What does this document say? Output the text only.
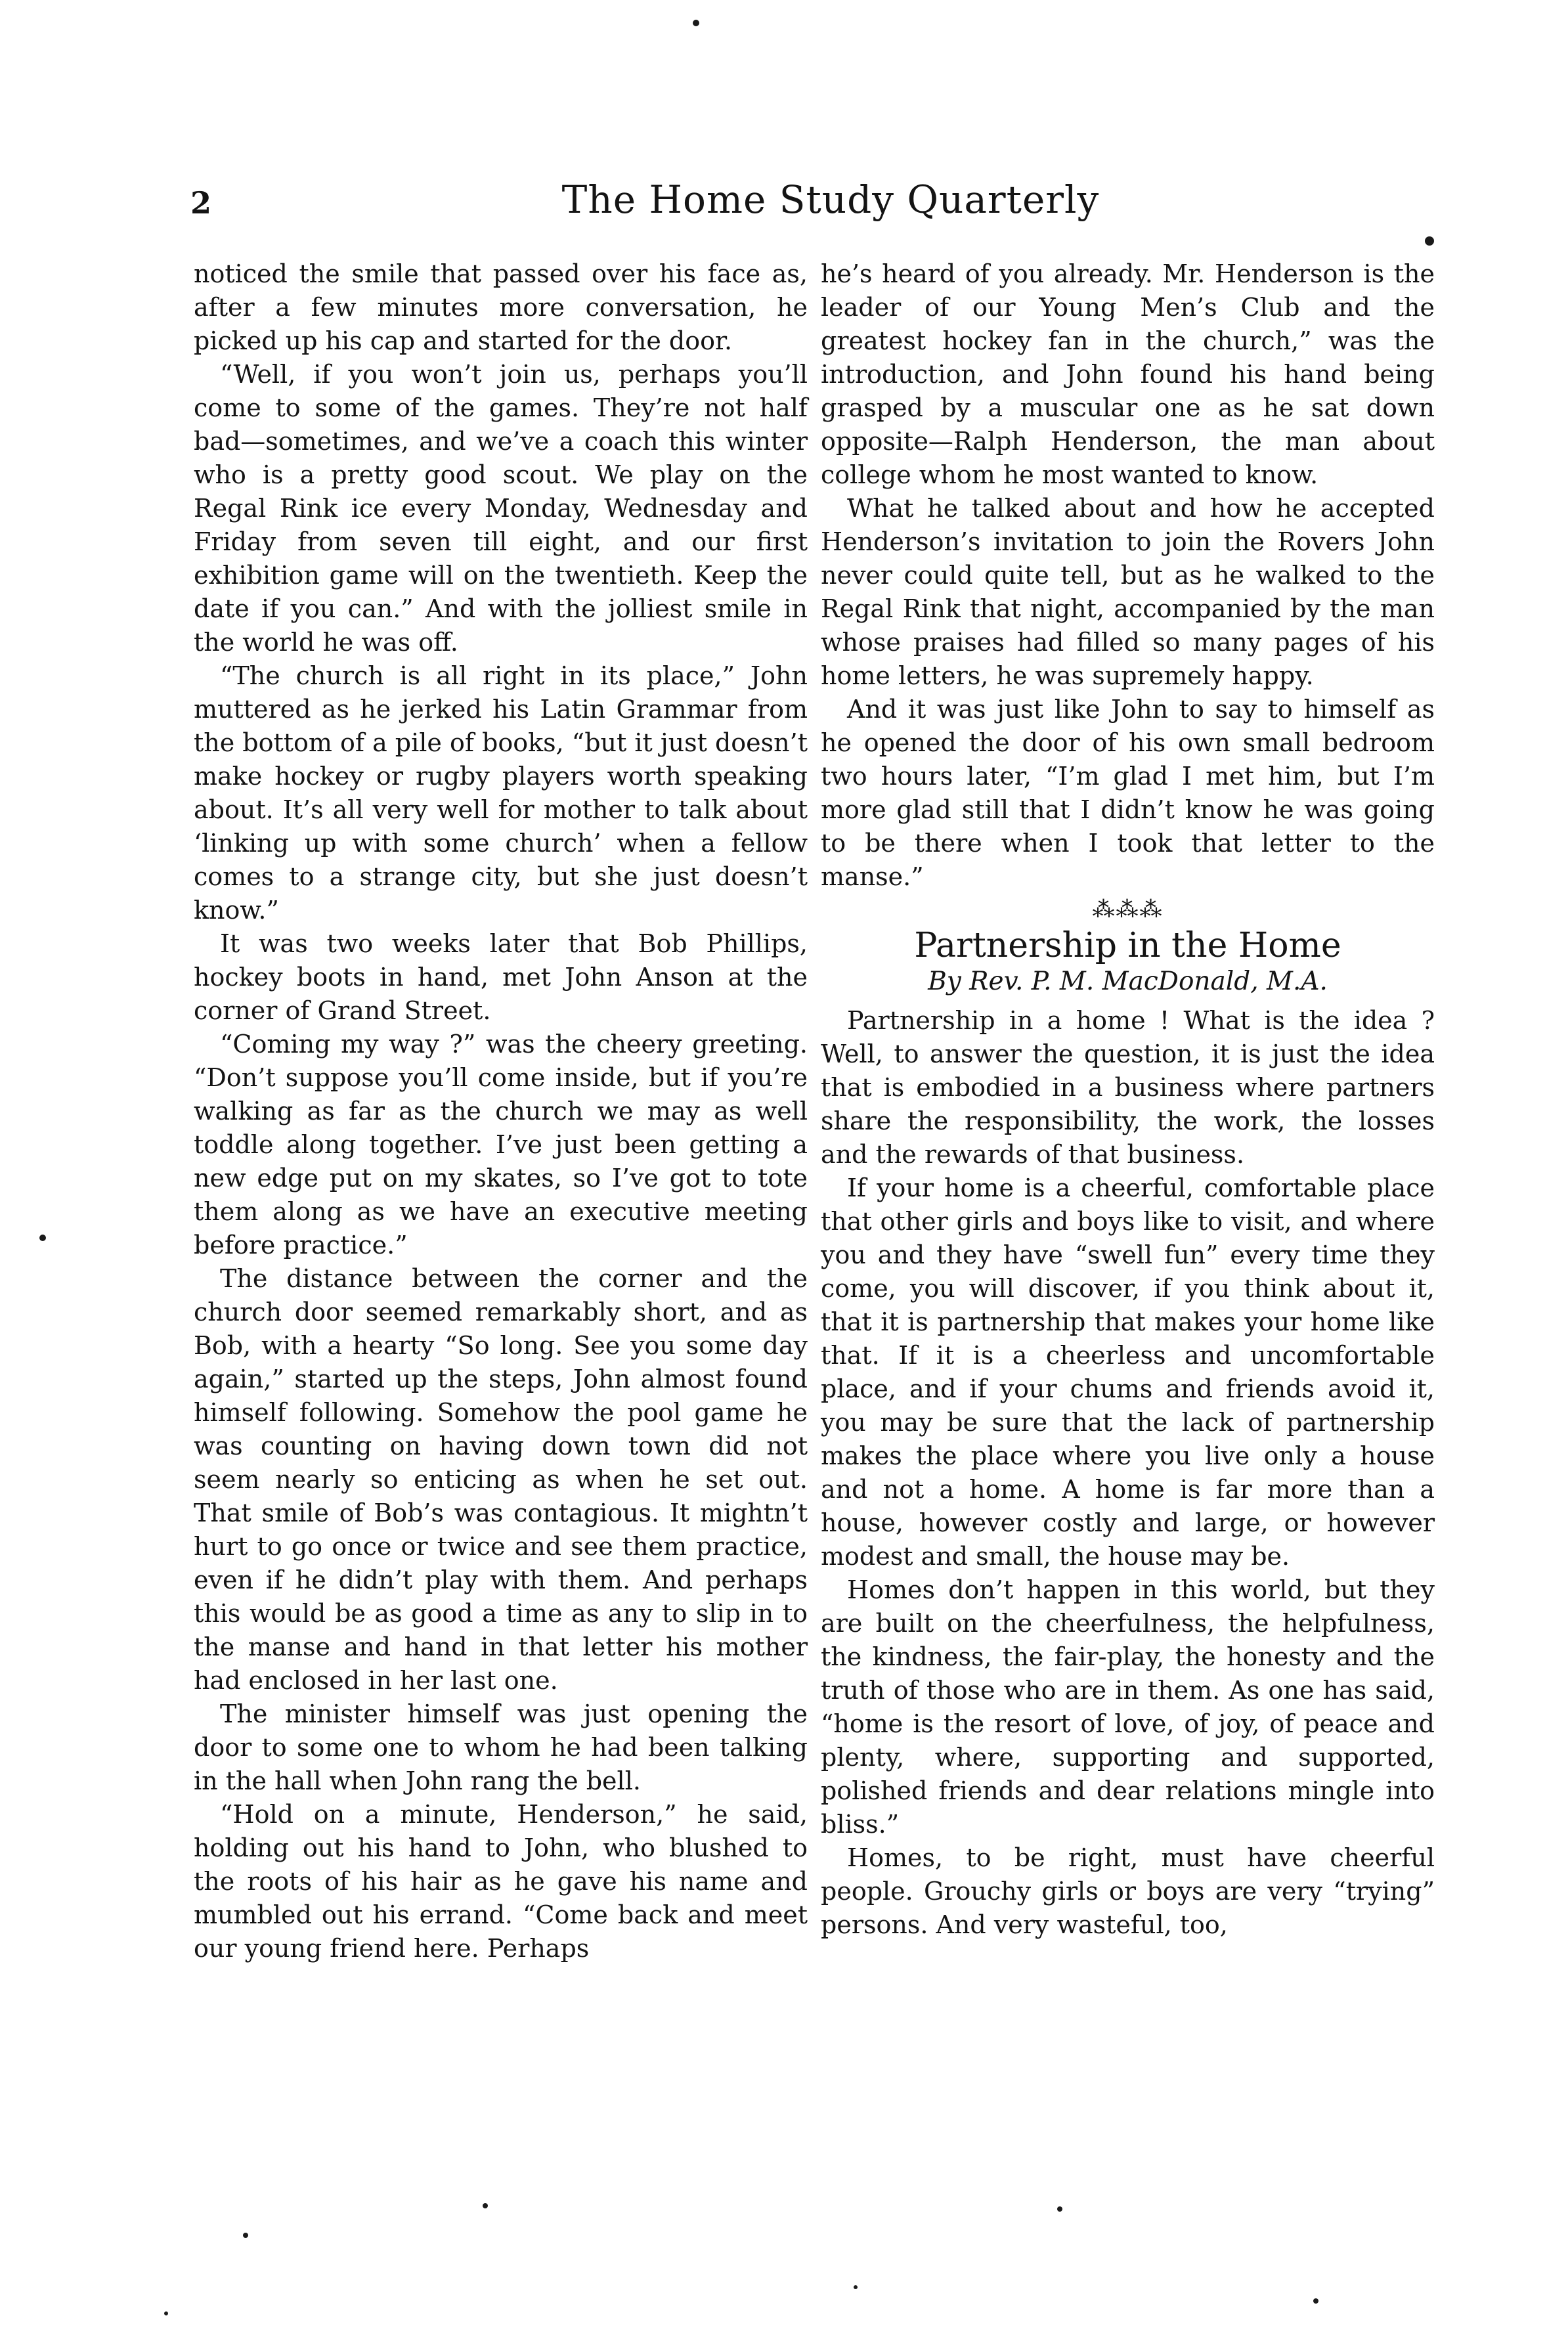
2	The Home Study Quarterly

noticed the smile that passed over his face as, after a few minutes more conversation, he picked up his cap and started for the door.

“Well, if you won’t join us, perhaps you’ll come to some of the games. They’re not half bad—sometimes, and we’ve a coach this winter who is a pretty good scout. We play on the Regal Rink ice every Monday, Wednesday and Friday from seven till eight, and our first exhibition game will on the twentieth. Keep the date if you can.” And with the jolliest smile in the world he was off.

“The church is all right in its place,” John muttered as he jerked his Latin Grammar from the bottom of a pile of books, “but it just doesn’t make hockey or rugby players worth speaking about. It’s all very well for mother to talk about ‘linking up with some church’ when a fellow comes to a strange city, but she just doesn’t know.”

It was two weeks later that Bob Phillips, hockey boots in hand, met John Anson at the corner of Grand Street.

“Coming my way ?” was the cheery greeting. “Don’t suppose you’ll come inside, but if you’re walking as far as the church we may as well toddle along together. I’ve just been getting a new edge put on my skates, so I’ve got to tote them along as we have an executive meeting before practice.”

The distance between the corner and the church door seemed remarkably short, and as Bob, with a hearty “So long. See you some day again,” started up the steps, John almost found himself following. Somehow the pool game he was counting on having down town did not seem nearly so enticing as when he set out. That smile of Bob’s was contagious. It mightn’t hurt to go once or twice and see them practice, even if he didn’t play with them. And perhaps this would be as good a time as any to slip in to the manse and hand in that letter his mother had enclosed in her last one.

The minister himself was just opening the door to some one to whom he had been talking in the hall when John rang the bell.

“Hold on a minute, Henderson,” he said, holding out his hand to John, who blushed to the roots of his hair as he gave his name and mumbled out his errand. “Come back and meet our young friend here. Perhaps

he’s heard of you already. Mr. Henderson is the leader of our Young Men’s Club and the greatest hockey fan in the church,” was the introduction, and John found his hand being grasped by a muscular one as he sat down opposite—Ralph Henderson, the man about college whom he most wanted to know.

What he talked about and how he accepted Henderson’s invitation to join the Rovers John never could quite tell, but as he walked to the Regal Rink that night, accompanied by the man whose praises had filled so many pages of his home letters, he was supremely happy.

And it was just like John to say to himself as he opened the door of his own small bedroom two hours later, “I’m glad I met him, but I’m more glad still that I didn’t know he was going to be there when I took that letter to the manse.”

⁂⁂⁂
Partnership in the Home
By Rev. P. M. MacDonald, M.A.

Partnership in a home ! What is the idea ? Well, to answer the question, it is just the idea that is embodied in a business where partners share the responsibility, the work, the losses and the rewards of that business.

If your home is a cheerful, comfortable place that other girls and boys like to visit, and where you and they have “swell fun” every time they come, you will discover, if you think about it, that it is partnership that makes your home like that. If it is a cheerless and uncomfortable place, and if your chums and friends avoid it, you may be sure that the lack of partnership makes the place where you live only a house and not a home. A home is far more than a house, however costly and large, or however modest and small, the house may be.

Homes don’t happen in this world, but they are built on the cheerfulness, the helpfulness, the kindness, the fair-play, the honesty and the truth of those who are in them. As one has said, “home is the resort of love, of joy, of peace and plenty, where, supporting and supported, polished friends and dear relations mingle into bliss.”

Homes, to be right, must have cheerful people. Grouchy girls or boys are very “trying” persons. And very wasteful, too,
